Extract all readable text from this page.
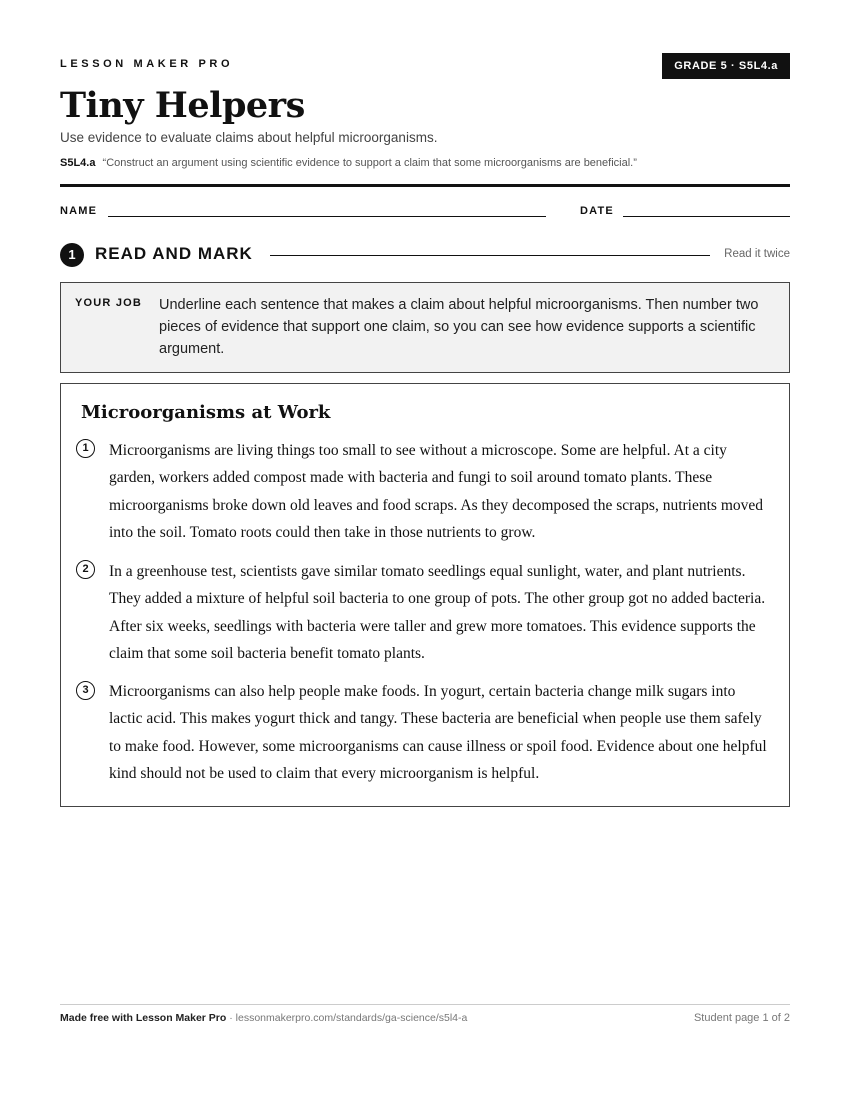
LESSON MAKER PRO	GRADE 5 · S5L4.a
Tiny Helpers
Use evidence to evaluate claims about helpful microorganisms.
S5L4.a “Construct an argument using scientific evidence to support a claim that some microorganisms are beneficial.”
NAME	DATE
1	READ AND MARK	Read it twice
YOUR JOB Underline each sentence that makes a claim about helpful microorganisms. Then number two pieces of evidence that support one claim, so you can see how evidence supports a scientific argument.
Microorganisms at Work
1	Microorganisms are living things too small to see without a microscope. Some are helpful. At a city garden, workers added compost made with bacteria and fungi to soil around tomato plants. These microorganisms broke down old leaves and food scraps. As they decomposed the scraps, nutrients moved into the soil. Tomato roots could then take in those nutrients to grow.
2	In a greenhouse test, scientists gave similar tomato seedlings equal sunlight, water, and plant nutrients. They added a mixture of helpful soil bacteria to one group of pots. The other group got no added bacteria. After six weeks, seedlings with bacteria were taller and grew more tomatoes. This evidence supports the claim that some soil bacteria benefit tomato plants.
3	Microorganisms can also help people make foods. In yogurt, certain bacteria change milk sugars into lactic acid. This makes yogurt thick and tangy. These bacteria are beneficial when people use them safely to make food. However, some microorganisms can cause illness or spoil food. Evidence about one helpful kind should not be used to claim that every microorganism is helpful.
Made free with Lesson Maker Pro · lessonmakerpro.com/standards/ga-science/s5l4-a	Student page 1 of 2
